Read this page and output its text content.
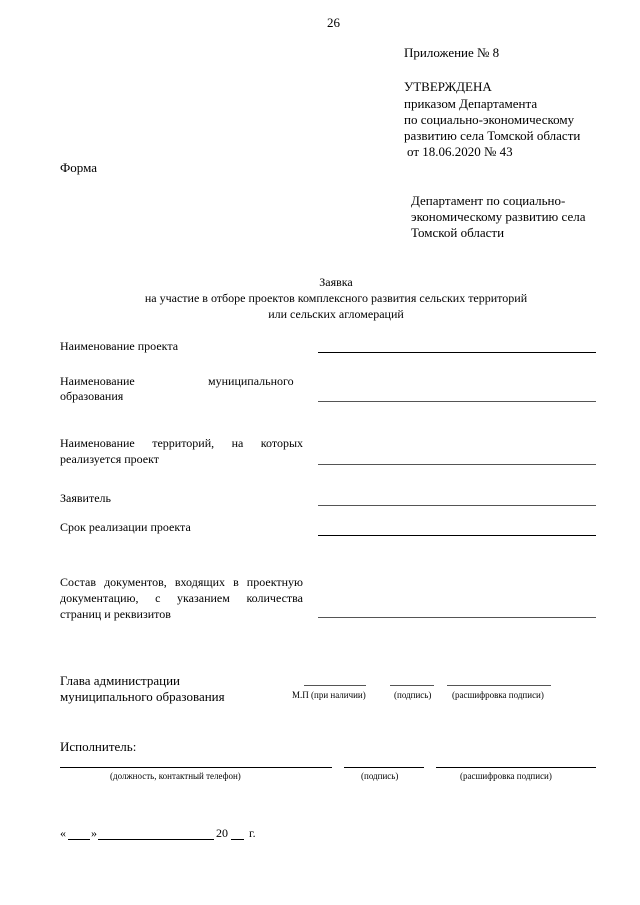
26
Приложение № 8
УТВЕРЖДЕНА
приказом Департамента
по социально-экономическому
развитию села Томской области
от 18.06.2020 № 43
Форма
Департамент по социально-
экономическому развитию села
Томской области
Заявка
на участие в отборе проектов комплексного развития сельских территорий
или сельских агломераций
Наименование проекта
Наименование	муниципального
образования
Наименование территорий, на которых
реализуется проект
Заявитель
Срок реализации проекта
Состав документов, входящих в проектную
документацию, с указанием количества
страниц и реквизитов
Глава администрации
муниципального образования	М.П (при наличии)	(подпись) (расшифровка подписи)
Исполнитель:
(должность, контактный телефон)	(подпись)	(расшифровка подписи)
« »	20 г.
